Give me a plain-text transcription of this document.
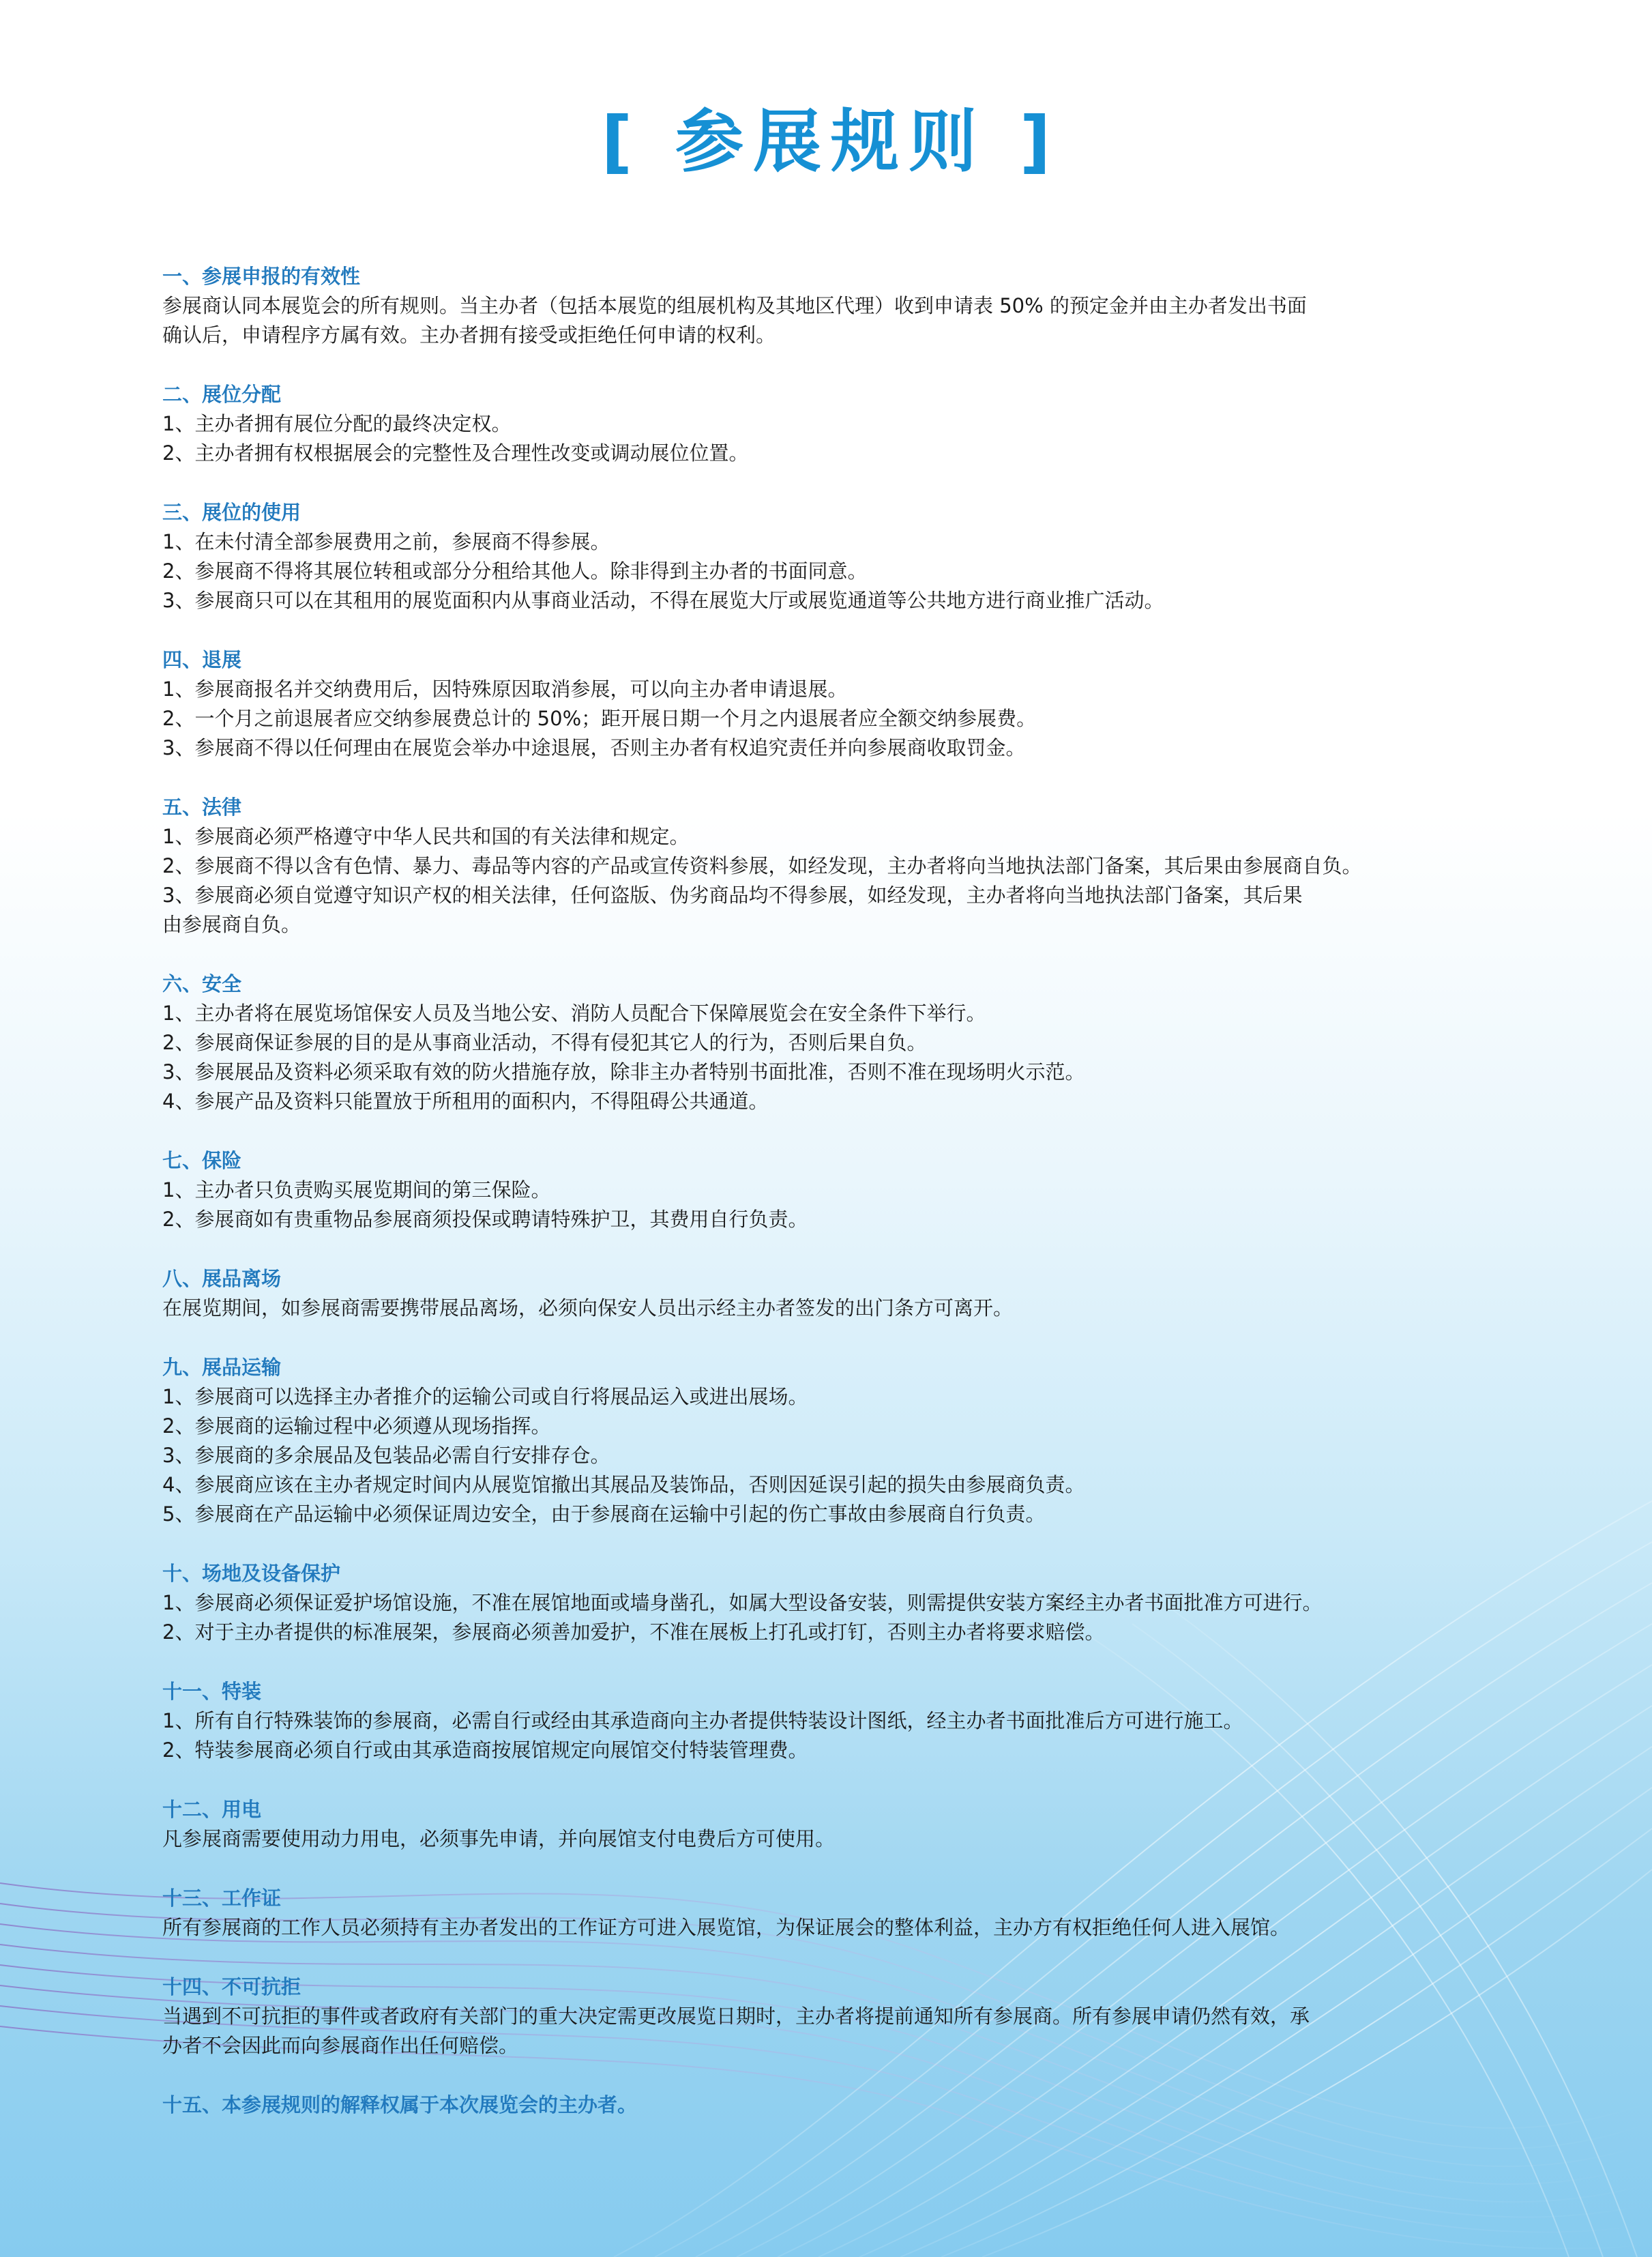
[ 参展规则 ]
一、参展申报的有效性
参展商认同本展览会的所有规则。当主办者（包括本展览的组展机构及其地区代理）收到申请表 50% 的预定金并由主办者发出书面
确认后，申请程序方属有效。主办者拥有接受或拒绝任何申请的权利。
二、展位分配
1、主办者拥有展位分配的最终决定权。
2、主办者拥有权根据展会的完整性及合理性改变或调动展位位置。
三、展位的使用
1、在未付清全部参展费用之前，参展商不得参展。
2、参展商不得将其展位转租或部分分租给其他人。除非得到主办者的书面同意。
3、参展商只可以在其租用的展览面积内从事商业活动，不得在展览大厅或展览通道等公共地方进行商业推广活动。
四、退展
1、参展商报名并交纳费用后，因特殊原因取消参展，可以向主办者申请退展。
2、一个月之前退展者应交纳参展费总计的 50%；距开展日期一个月之内退展者应全额交纳参展费。
3、参展商不得以任何理由在展览会举办中途退展，否则主办者有权追究责任并向参展商收取罚金。
五、法律
1、参展商必须严格遵守中华人民共和国的有关法律和规定。
2、参展商不得以含有色情、暴力、毒品等内容的产品或宣传资料参展，如经发现，主办者将向当地执法部门备案，其后果由参展商自负。
3、参展商必须自觉遵守知识产权的相关法律，任何盗版、伪劣商品均不得参展，如经发现，主办者将向当地执法部门备案，其后果
由参展商自负。
六、安全
1、主办者将在展览场馆保安人员及当地公安、消防人员配合下保障展览会在安全条件下举行。
2、参展商保证参展的目的是从事商业活动，不得有侵犯其它人的行为，否则后果自负。
3、参展展品及资料必须采取有效的防火措施存放，除非主办者特别书面批准，否则不准在现场明火示范。
4、参展产品及资料只能置放于所租用的面积内，不得阻碍公共通道。
七、保险
1、主办者只负责购买展览期间的第三保险。
2、参展商如有贵重物品参展商须投保或聘请特殊护卫，其费用自行负责。
八、展品离场
在展览期间，如参展商需要携带展品离场，必须向保安人员出示经主办者签发的出门条方可离开。
九、展品运输
1、参展商可以选择主办者推介的运输公司或自行将展品运入或进出展场。
2、参展商的运输过程中必须遵从现场指挥。
3、参展商的多余展品及包装品必需自行安排存仓。
4、参展商应该在主办者规定时间内从展览馆撤出其展品及装饰品，否则因延误引起的损失由参展商负责。
5、参展商在产品运输中必须保证周边安全，由于参展商在运输中引起的伤亡事故由参展商自行负责。
十、场地及设备保护
1、参展商必须保证爱护场馆设施，不准在展馆地面或墙身凿孔，如属大型设备安装，则需提供安装方案经主办者书面批准方可进行。
2、对于主办者提供的标准展架，参展商必须善加爱护，不准在展板上打孔或打钉，否则主办者将要求赔偿。
十一、特装
1、所有自行特殊装饰的参展商，必需自行或经由其承造商向主办者提供特装设计图纸，经主办者书面批准后方可进行施工。
2、特装参展商必须自行或由其承造商按展馆规定向展馆交付特装管理费。
十二、用电
凡参展商需要使用动力用电，必须事先申请，并向展馆支付电费后方可使用。
十三、工作证
所有参展商的工作人员必须持有主办者发出的工作证方可进入展览馆，为保证展会的整体利益，主办方有权拒绝任何人进入展馆。
十四、不可抗拒
当遇到不可抗拒的事件或者政府有关部门的重大决定需更改展览日期时，主办者将提前通知所有参展商。所有参展申请仍然有效，承
办者不会因此而向参展商作出任何赔偿。
十五、本参展规则的解释权属于本次展览会的主办者。
